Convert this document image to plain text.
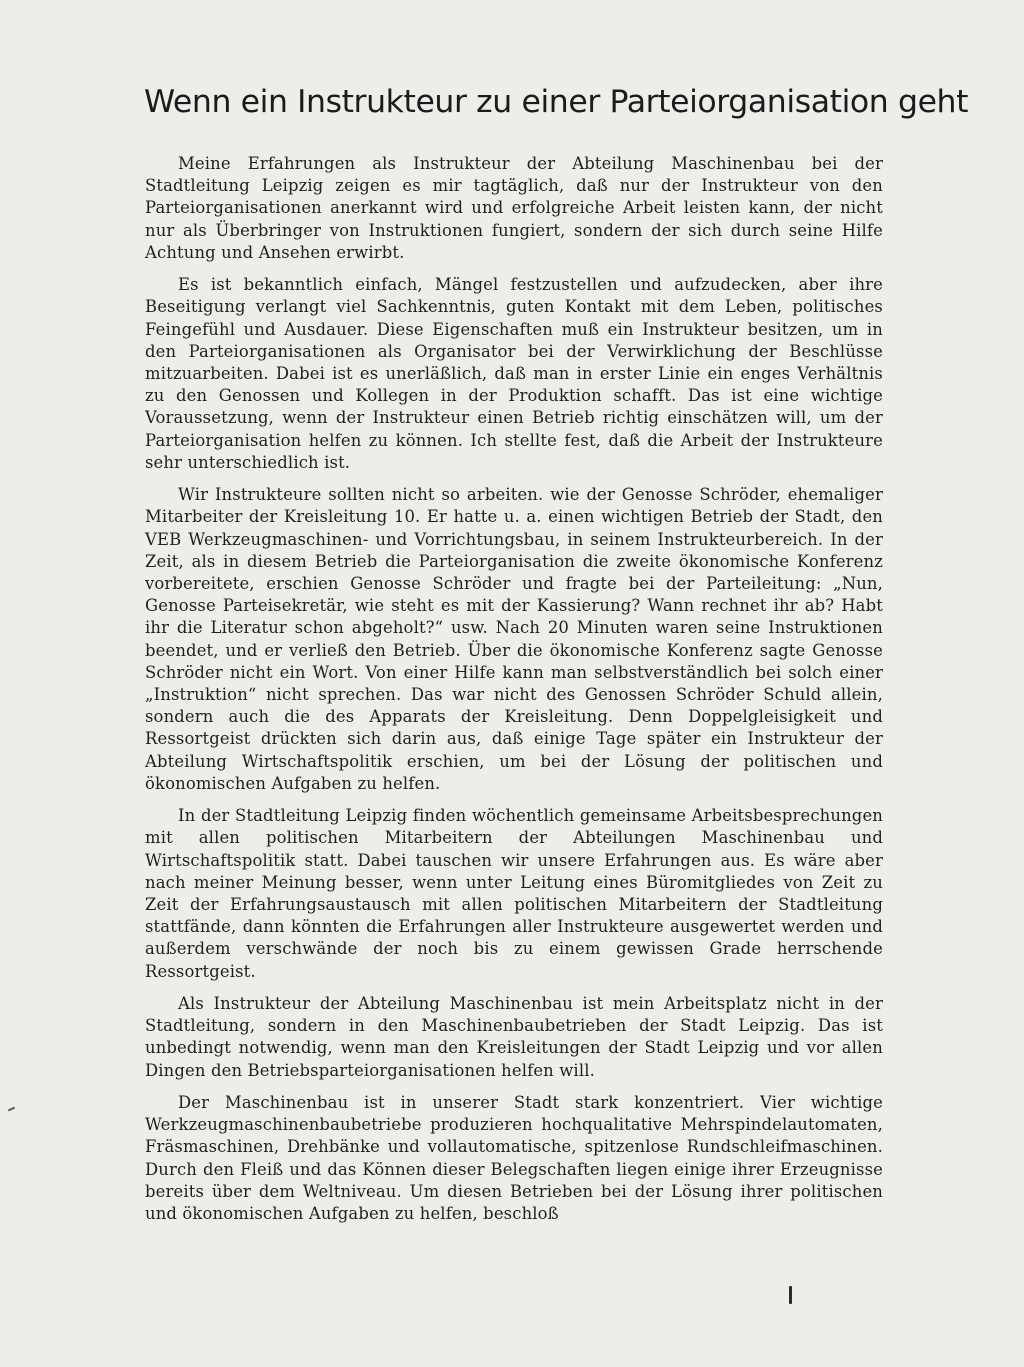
Wenn ein Instrukteur zu einer Parteiorganisation geht

Meine Erfahrungen als Instrukteur der Abteilung Maschinenbau bei der Stadtleitung Leipzig zeigen es mir tagtäglich, daß nur der Instrukteur von den Parteiorganisationen anerkannt wird und erfolgreiche Arbeit leisten kann, der nicht nur als Überbringer von Instruktionen fungiert, sondern der sich durch seine Hilfe Achtung und Ansehen erwirbt.

Es ist bekanntlich einfach, Mängel festzustellen und aufzudecken, aber ihre Beseitigung verlangt viel Sachkenntnis, guten Kontakt mit dem Leben, politisches Feingefühl und Ausdauer. Diese Eigenschaften muß ein Instrukteur besitzen, um in den Parteiorganisationen als Organisator bei der Verwirklichung der Beschlüsse mitzuarbeiten. Dabei ist es unerläßlich, daß man in erster Linie ein enges Verhältnis zu den Genossen und Kollegen in der Produktion schafft. Das ist eine wichtige Voraussetzung, wenn der Instrukteur einen Betrieb richtig einschätzen will, um der Parteiorganisation helfen zu können. Ich stellte fest, daß die Arbeit der Instrukteure sehr unterschiedlich ist.

Wir Instrukteure sollten nicht so arbeiten. wie der Genosse Schröder, ehemaliger Mitarbeiter der Kreisleitung 10. Er hatte u. a. einen wichtigen Betrieb der Stadt, den VEB Werkzeugmaschinen- und Vorrichtungsbau, in seinem Instrukteurbereich. In der Zeit, als in diesem Betrieb die Parteiorganisation die zweite ökonomische Konferenz vorbereitete, erschien Genosse Schröder und fragte bei der Parteileitung: „Nun, Genosse Parteisekretär, wie steht es mit der Kassierung? Wann rechnet ihr ab? Habt ihr die Literatur schon abgeholt?“ usw. Nach 20 Minuten waren seine Instruktionen beendet, und er verließ den Betrieb. Über die ökonomische Konferenz sagte Genosse Schröder nicht ein Wort. Von einer Hilfe kann man selbstverständlich bei solch einer „Instruktion“ nicht sprechen. Das war nicht des Genossen Schröder Schuld allein, sondern auch die des Apparats der Kreisleitung. Denn Doppelgleisigkeit und Ressortgeist drückten sich darin aus, daß einige Tage später ein Instrukteur der Abteilung Wirtschaftspolitik erschien, um bei der Lösung der politischen und ökonomischen Aufgaben zu helfen.

In der Stadtleitung Leipzig finden wöchentlich gemeinsame Arbeitsbesprechungen mit allen politischen Mitarbeitern der Abteilungen Maschinenbau und Wirtschaftspolitik statt. Dabei tauschen wir unsere Erfahrungen aus. Es wäre aber nach meiner Meinung besser, wenn unter Leitung eines Büromitgliedes von Zeit zu Zeit der Erfahrungsaustausch mit allen politischen Mitarbeitern der Stadtleitung stattfände, dann könnten die Erfahrungen aller Instrukteure ausgewertet werden und außerdem verschwände der noch bis zu einem gewissen Grade herrschende Ressortgeist.

Als Instrukteur der Abteilung Maschinenbau ist mein Arbeitsplatz nicht in der Stadtleitung, sondern in den Maschinenbaubetrieben der Stadt Leipzig. Das ist unbedingt notwendig, wenn man den Kreisleitungen der Stadt Leipzig und vor allen Dingen den Betriebsparteiorganisationen helfen will.

Der Maschinenbau ist in unserer Stadt stark konzentriert. Vier wichtige Werkzeugmaschinenbaubetriebe produzieren hochqualitative Mehrspindelautomaten, Fräsmaschinen, Drehbänke und vollautomatische, spitzenlose Rundschleifmaschinen. Durch den Fleiß und das Können dieser Belegschaften liegen einige ihrer Erzeugnisse bereits über dem Weltniveau. Um diesen Betrieben bei der Lösung ihrer politischen und ökonomischen Aufgaben zu helfen, beschloß
